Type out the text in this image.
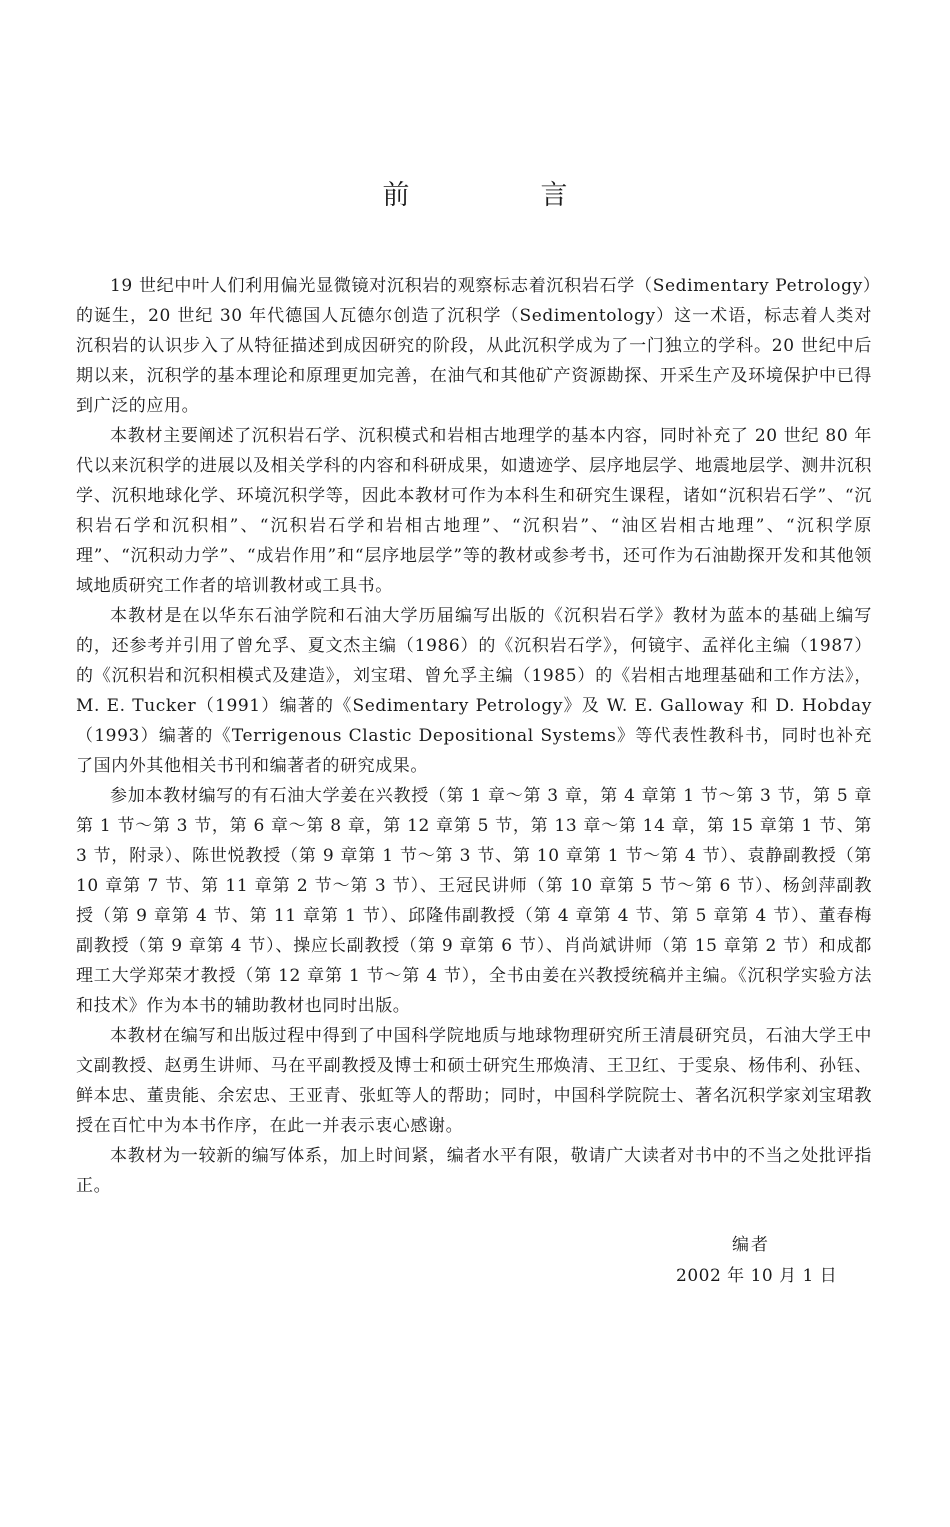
前　言

19 世纪中叶人们利用偏光显微镜对沉积岩的观察标志着沉积岩石学（Sedimentary Petrology）的诞生，20 世纪 30 年代德国人瓦德尔创造了沉积学（Sedimentology）这一术语，标志着人类对沉积岩的认识步入了从特征描述到成因研究的阶段，从此沉积学成为了一门独立的学科。20 世纪中后期以来，沉积学的基本理论和原理更加完善，在油气和其他矿产资源勘探、开采生产及环境保护中已得到广泛的应用。

本教材主要阐述了沉积岩石学、沉积模式和岩相古地理学的基本内容，同时补充了 20 世纪 80 年代以来沉积学的进展以及相关学科的内容和科研成果，如遗迹学、层序地层学、地震地层学、测井沉积学、沉积地球化学、环境沉积学等，因此本教材可作为本科生和研究生课程，诸如“沉积岩石学”、“沉积岩石学和沉积相”、“沉积岩石学和岩相古地理”、“沉积岩”、“油区岩相古地理”、“沉积学原理”、“沉积动力学”、“成岩作用”和“层序地层学”等的教材或参考书，还可作为石油勘探开发和其他领域地质研究工作者的培训教材或工具书。

本教材是在以华东石油学院和石油大学历届编写出版的《沉积岩石学》教材为蓝本的基础上编写的，还参考并引用了曾允孚、夏文杰主编（1986）的《沉积岩石学》，何镜宇、孟祥化主编（1987）的《沉积岩和沉积相模式及建造》，刘宝珺、曾允孚主编（1985）的《岩相古地理基础和工作方法》，M. E. Tucker（1991）编著的《Sedimentary Petrology》及 W. E. Galloway 和 D. Hobday（1993）编著的《Terrigenous Clastic Depositional Systems》等代表性教科书，同时也补充了国内外其他相关书刊和编著者的研究成果。

参加本教材编写的有石油大学姜在兴教授（第 1 章～第 3 章，第 4 章第 1 节～第 3 节，第 5 章第 1 节～第 3 节，第 6 章～第 8 章，第 12 章第 5 节，第 13 章～第 14 章，第 15 章第 1 节、第 3 节，附录）、陈世悦教授（第 9 章第 1 节～第 3 节、第 10 章第 1 节～第 4 节）、袁静副教授（第 10 章第 7 节、第 11 章第 2 节～第 3 节）、王冠民讲师（第 10 章第 5 节～第 6 节）、杨剑萍副教授（第 9 章第 4 节、第 11 章第 1 节）、邱隆伟副教授（第 4 章第 4 节、第 5 章第 4 节）、董春梅副教授（第 9 章第 4 节）、操应长副教授（第 9 章第 6 节）、肖尚斌讲师（第 15 章第 2 节）和成都理工大学郑荣才教授（第 12 章第 1 节～第 4 节），全书由姜在兴教授统稿并主编。《沉积学实验方法和技术》作为本书的辅助教材也同时出版。

本教材在编写和出版过程中得到了中国科学院地质与地球物理研究所王清晨研究员，石油大学王中文副教授、赵勇生讲师、马在平副教授及博士和硕士研究生邢焕清、王卫红、于雯泉、杨伟利、孙钰、鲜本忠、董贵能、余宏忠、王亚青、张虹等人的帮助；同时，中国科学院院士、著名沉积学家刘宝珺教授在百忙中为本书作序，在此一并表示衷心感谢。

本教材为一较新的编写体系，加上时间紧，编者水平有限，敬请广大读者对书中的不当之处批评指正。

编者
2002 年 10 月 1 日
